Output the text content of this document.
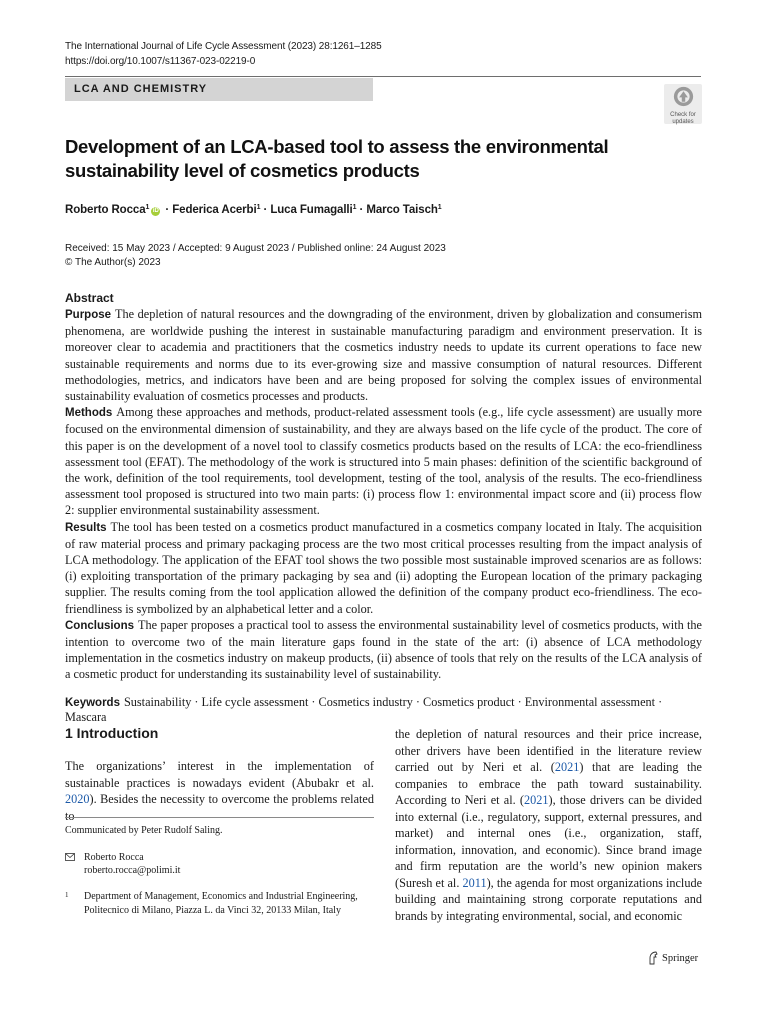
The International Journal of Life Cycle Assessment (2023) 28:1261–1285
https://doi.org/10.1007/s11367-023-02219-0
LCA AND CHEMISTRY
Check for
updates
Development of an LCA-based tool to assess the environmental sustainability level of cosmetics products
Roberto Rocca$^1$ iD · Federica Acerbi$^1$ · Luca Fumagalli$^1$ · Marco Taisch$^1$
Received: 15 May 2023 / Accepted: 9 August 2023 / Published online: 24 August 2023
© The Author(s) 2023
Abstract

Purpose The depletion of natural resources and the downgrading of the environment, driven by globalization and consumerism phenomena, are worldwide pushing the interest in sustainable manufacturing paradigm and environment preservation. It is moreover clear to academia and practitioners that the cosmetics industry needs to update its current operations to face new sustainable requirements and norms due to its ever-growing size and massive consumption of natural resources. Different methodologies, metrics, and indicators have been and are being proposed for solving the complex issues of environmental sustainability evaluation of cosmetics processes and products.

Methods Among these approaches and methods, product-related assessment tools (e.g., life cycle assessment) are usually more focused on the environmental dimension of sustainability, and they are always based on the life cycle of the product. The core of this paper is on the development of a novel tool to classify cosmetics products based on the results of LCA: the eco-friendliness assessment tool (EFAT). The methodology of the work is structured into 5 main phases: definition of the scientific background of the work, definition of the tool requirements, tool development, testing of the tool, analysis of the results. The eco-friendliness assessment tool proposed is structured into two main parts: (i) process flow 1: environmental impact score and (ii) process flow 2: supplier environmental sustainability assessment.

Results The tool has been tested on a cosmetics product manufactured in a cosmetics company located in Italy. The acquisition of raw material process and primary packaging process are the two most critical processes resulting from the impact analysis of LCA methodology. The application of the EFAT tool shows the two possible most sustainable improved scenarios are as follows: (i) exploiting transportation of the primary packaging by sea and (ii) adopting the European location of the primary packaging supplier. The results coming from the tool application allowed the definition of the company product eco-friendliness. The eco-friendliness is symbolized by an alphabetical letter and a color.

Conclusions The paper proposes a practical tool to assess the environmental sustainability level of cosmetics products, with the intention to overcome two of the main literature gaps found in the state of the art: (i) absence of LCA methodology implementation in the cosmetics industry on makeup products, (ii) absence of tools that rely on the results of the LCA analysis of a cosmetic product for understanding its sustainability level of sustainability.

Keywords Sustainability · Life cycle assessment · Cosmetics industry · Cosmetics product · Environmental assessment · Mascara
1 Introduction
The organizations’ interest in the implementation of sustainable practices is nowadays evident (Abubakr et al. 2020). Besides the necessity to overcome the problems related to
the depletion of natural resources and their price increase, other drivers have been identified in the literature review carried out by Neri et al. (2021) that are leading the companies to embrace the path toward sustainability. According to Neri et al. (2021), those drivers can be divided into external (i.e., regulatory, support, external pressures, and market) and internal ones (i.e., organization, staff, information, innovation, and economic). Since brand image and firm reputation are the world’s new opinion makers (Suresh et al. 2011), the agenda for most organizations include building and maintaining strong corporate reputations and brands by integrating environmental, social, and economic
Communicated by Peter Rudolf Saling.
Roberto Rocca
roberto.rocca@polimi.it
1 Department of Management, Economics and Industrial Engineering, Politecnico di Milano, Piazza L. da Vinci 32, 20133 Milan, Italy
Springer
